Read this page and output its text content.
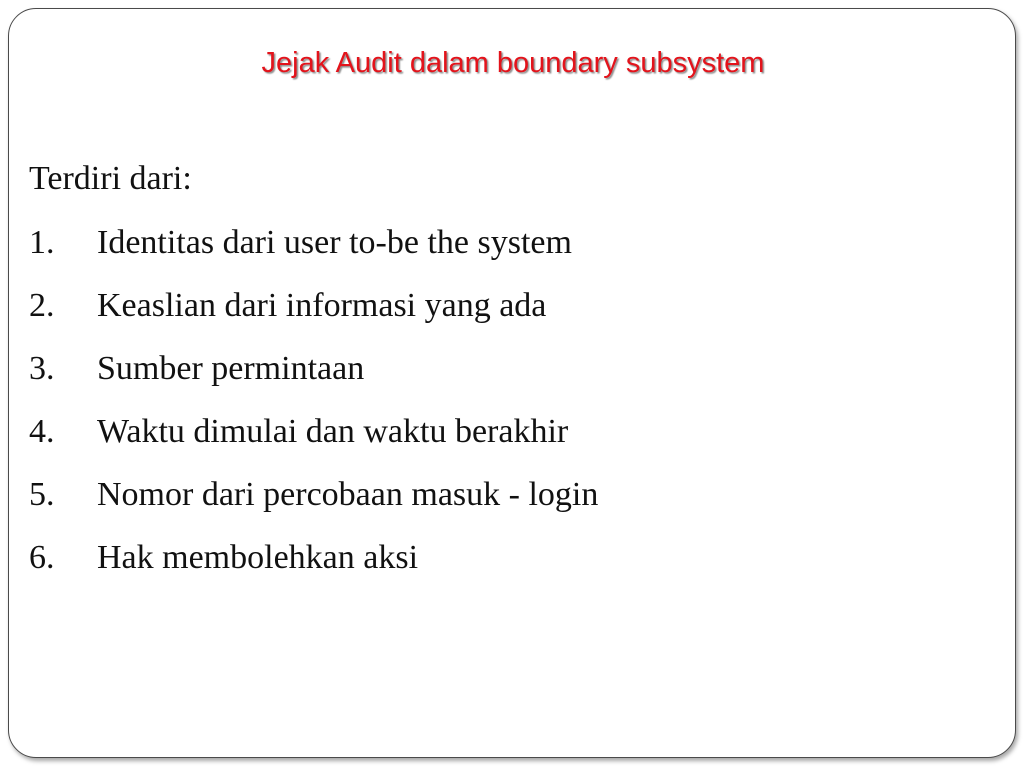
Jejak Audit dalam boundary subsystem
Terdiri dari:
1.	Identitas dari user to-be the system
2.	Keaslian dari informasi yang ada
3.	Sumber permintaan
4.	Waktu dimulai dan waktu berakhir
5.	Nomor dari percobaan masuk - login
6.	Hak membolehkan aksi
